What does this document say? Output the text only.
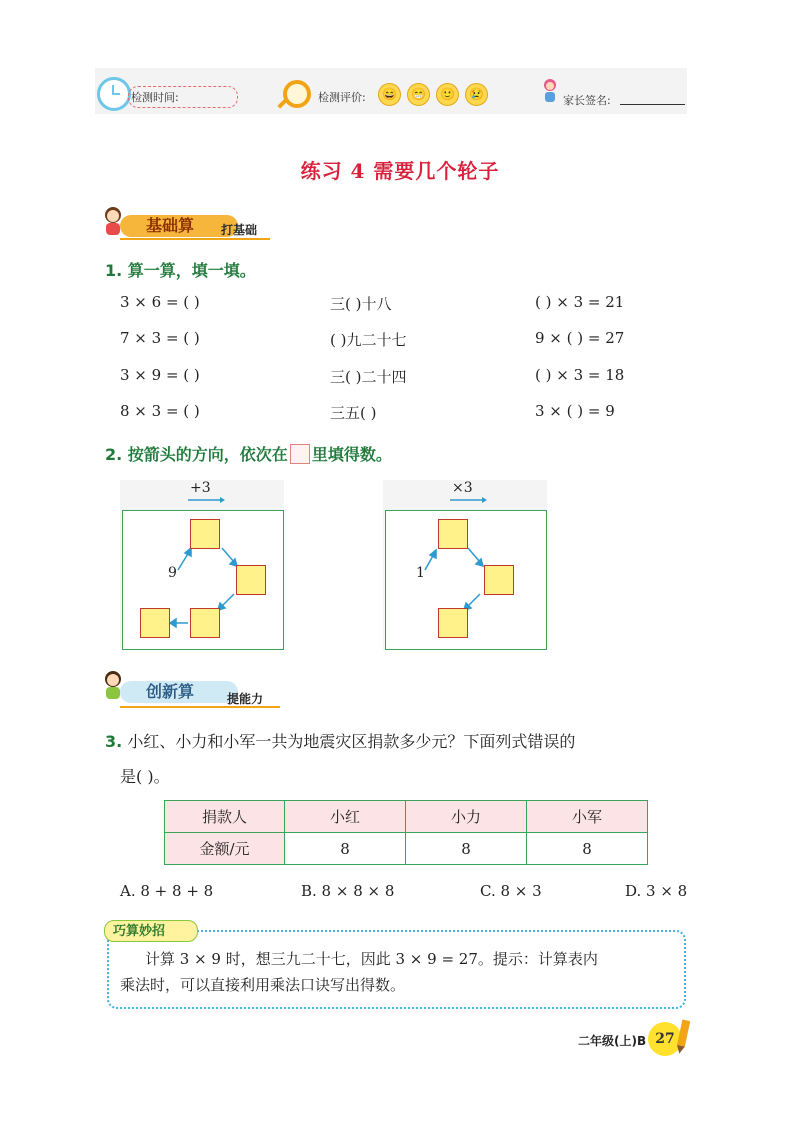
检测时间:	检测评价:	😄	😁	🙂	😢	家长签名:
练习 4 需要几个轮子
基础算	打基础
1. 算一算，填一填。
3 × 6 = ( )	三( )十八	( ) × 3 = 21
7 × 3 = ( )	( )九二十七	9 × ( ) = 27
3 × 9 = ( )	三( )二十四	( ) × 3 = 18
8 × 3 = ( )	三五( )	3 × ( ) = 9
2. 按箭头的方向，依次在 里填得数。
+3
9
×3
1
创新算	提能力
3. 小红、小力和小军一共为地震灾区捐款多少元？下面列式错误的
是( )。
捐款人	小红	小力	小军
金额/元	8	8	8
A. 8 + 8 + 8	B. 8 × 8 × 8	C. 8 × 3	D. 3 × 8
巧算妙招
计算 3 × 9 时，想三九二十七，因此 3 × 9 = 27。提示：计算表内
乘法时，可以直接利用乘法口诀写出得数。
二年级(上)B 27
